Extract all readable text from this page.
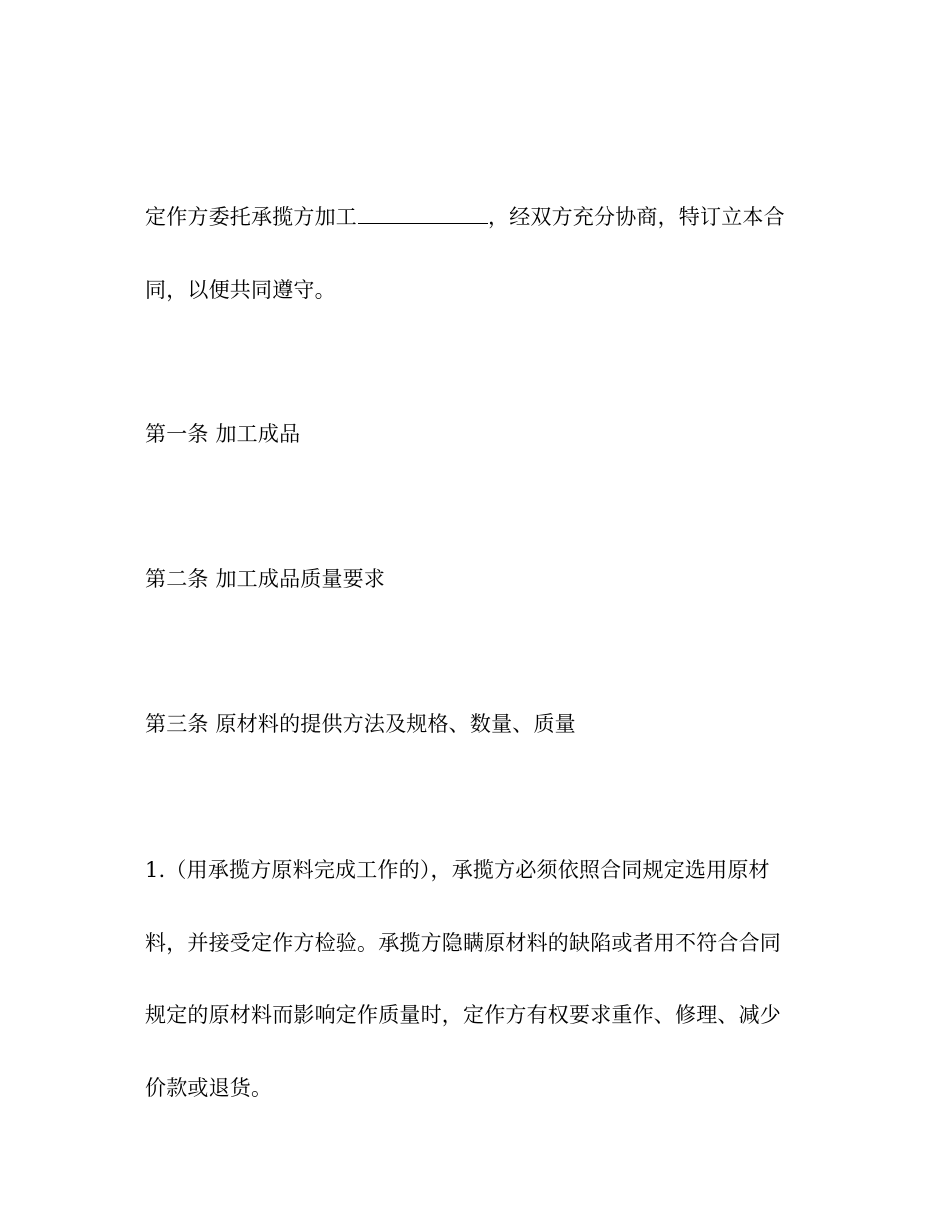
定作方委托承揽方加工	，经双方充分协商，特订立本合
同，以便共同遵守。
第一条 加工成品
第二条 加工成品质量要求
第三条 原材料的提供方法及规格、数量、质量
1.（用承揽方原料完成工作的），承揽方必须依照合同规定选用原材
料，并接受定作方检验。承揽方隐瞒原材料的缺陷或者用不符合合同
规定的原材料而影响定作质量时，定作方有权要求重作、修理、减少
价款或退货。
